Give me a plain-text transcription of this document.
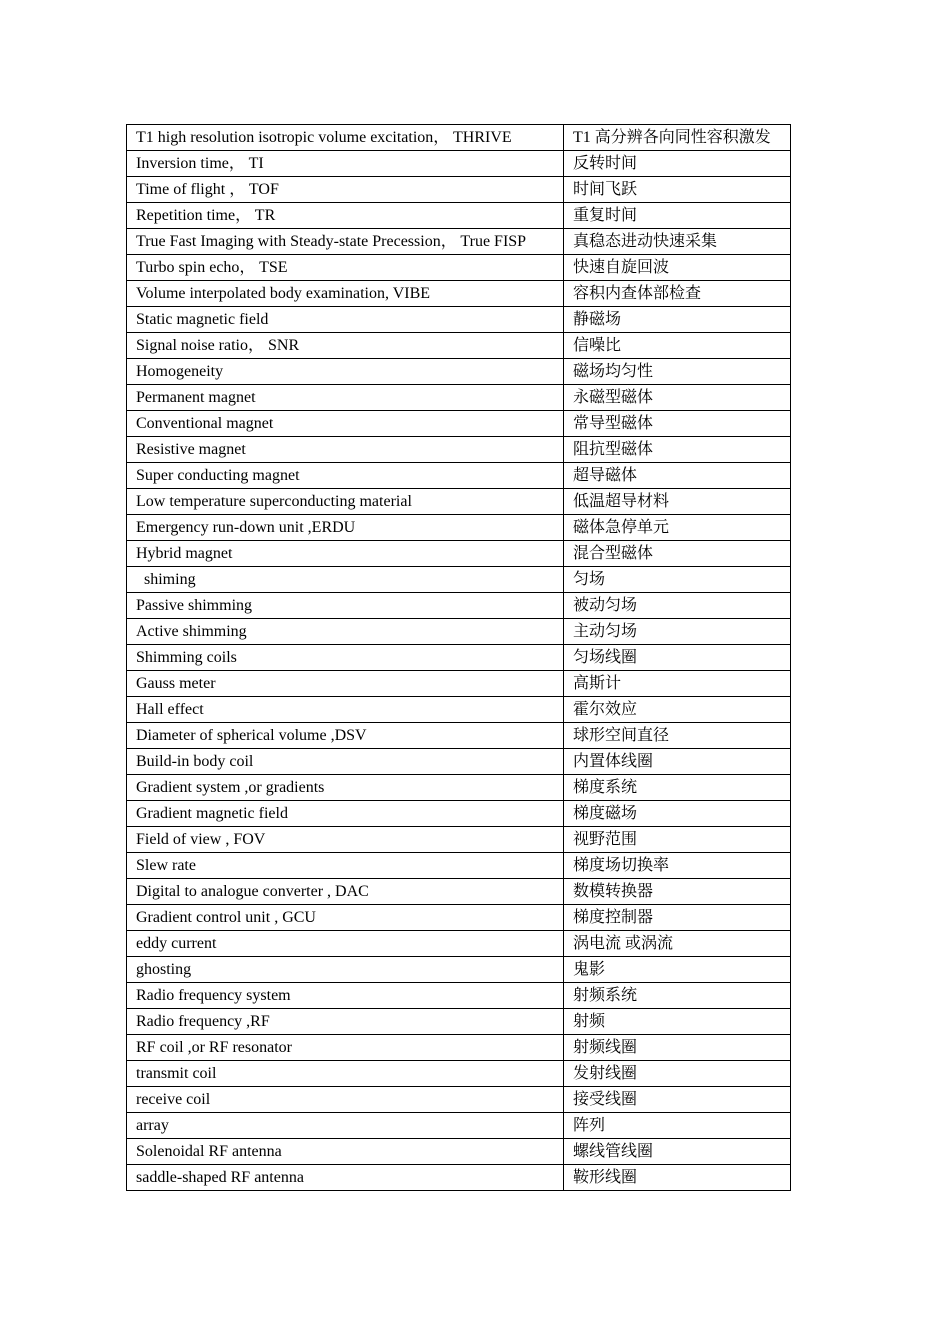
T1 high resolution isotropic volume excitation， THRIVE	T1 高分辨各向同性容积激发
Inversion time， TI	反转时间
Time of flight ， TOF	时间飞跃
Repetition time， TR	重复时间
True Fast Imaging with Steady-state Precession， True FISP	真稳态进动快速采集
Turbo spin echo， TSE	快速自旋回波
Volume interpolated body examination, VIBE	容积内查体部检查
Static magnetic field	静磁场
Signal noise ratio， SNR	信噪比
Homogeneity	磁场均匀性
Permanent magnet	永磁型磁体
Conventional magnet	常导型磁体
Resistive magnet	阻抗型磁体
Super conducting magnet	超导磁体
Low temperature superconducting material	低温超导材料
Emergency run-down unit ,ERDU	磁体急停单元
Hybrid magnet	混合型磁体
shiming	匀场
Passive shimming	被动匀场
Active shimming	主动匀场
Shimming coils	匀场线圈
Gauss meter	高斯计
Hall effect	霍尔效应
Diameter of spherical volume ,DSV	球形空间直径
Build-in body coil	内置体线圈
Gradient system ,or gradients	梯度系统
Gradient magnetic field	梯度磁场
Field of view , FOV	视野范围
Slew rate	梯度场切换率
Digital to analogue converter , DAC	数模转换器
Gradient control unit , GCU	梯度控制器
eddy current	涡电流 或涡流
ghosting	鬼影
Radio frequency system	射频系统
Radio frequency ,RF	射频
RF coil ,or RF resonator	射频线圈
transmit coil	发射线圈
receive coil	接受线圈
array	阵列
Solenoidal RF antenna	螺线管线圈
saddle-shaped RF antenna	鞍形线圈
